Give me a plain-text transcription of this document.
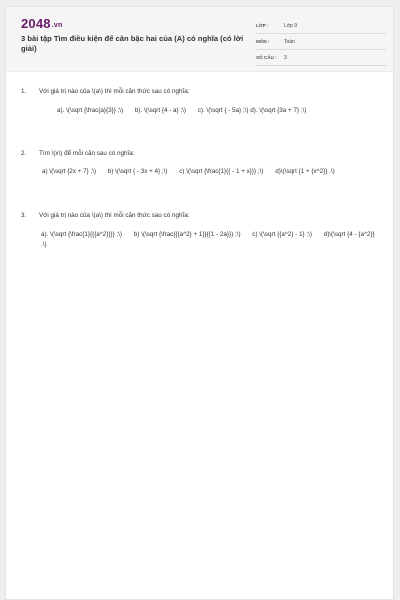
2048.vn
3 bài tập Tìm điều kiện để căn bậc hai của (A) có nghĩa (có lời giải)
LỚP :	Lớp 9
MÔN :	Toán
SỐ CÂU :	3
1.	Với giá trị nào của \(a\) thì mỗi căn thức sau có nghĩa:
a). \(\sqrt {\frac{a}{3}} ;\) b). \(\sqrt {4 - a} ;\) c). \(\sqrt { - 5a} ;\) d). \(\sqrt {3a + 7} ;\)
2.	Tìm \(x\) để mỗi căn sau có nghĩa:
a) \(\sqrt {2x + 7} ;\) b) \(\sqrt { - 3x + 4} ;\) c) \(\sqrt {\frac{1}{{ - 1 + x}}} ;\) d)\(\sqrt {1 + {x^2}} .\)
3.	Với giá trị nào của \(a\) thì mỗi căn thức sau có nghĩa:
a). \(\sqrt {\frac{1}{{{a^2}}}} ;\) b) \(\sqrt {\frac{{{a^2} + 1}}{{1 - 2a}}} ;\) c) \(\sqrt {{a^2} - 1} ;\) d)\(\sqrt {4 - {a^2}} .\)
